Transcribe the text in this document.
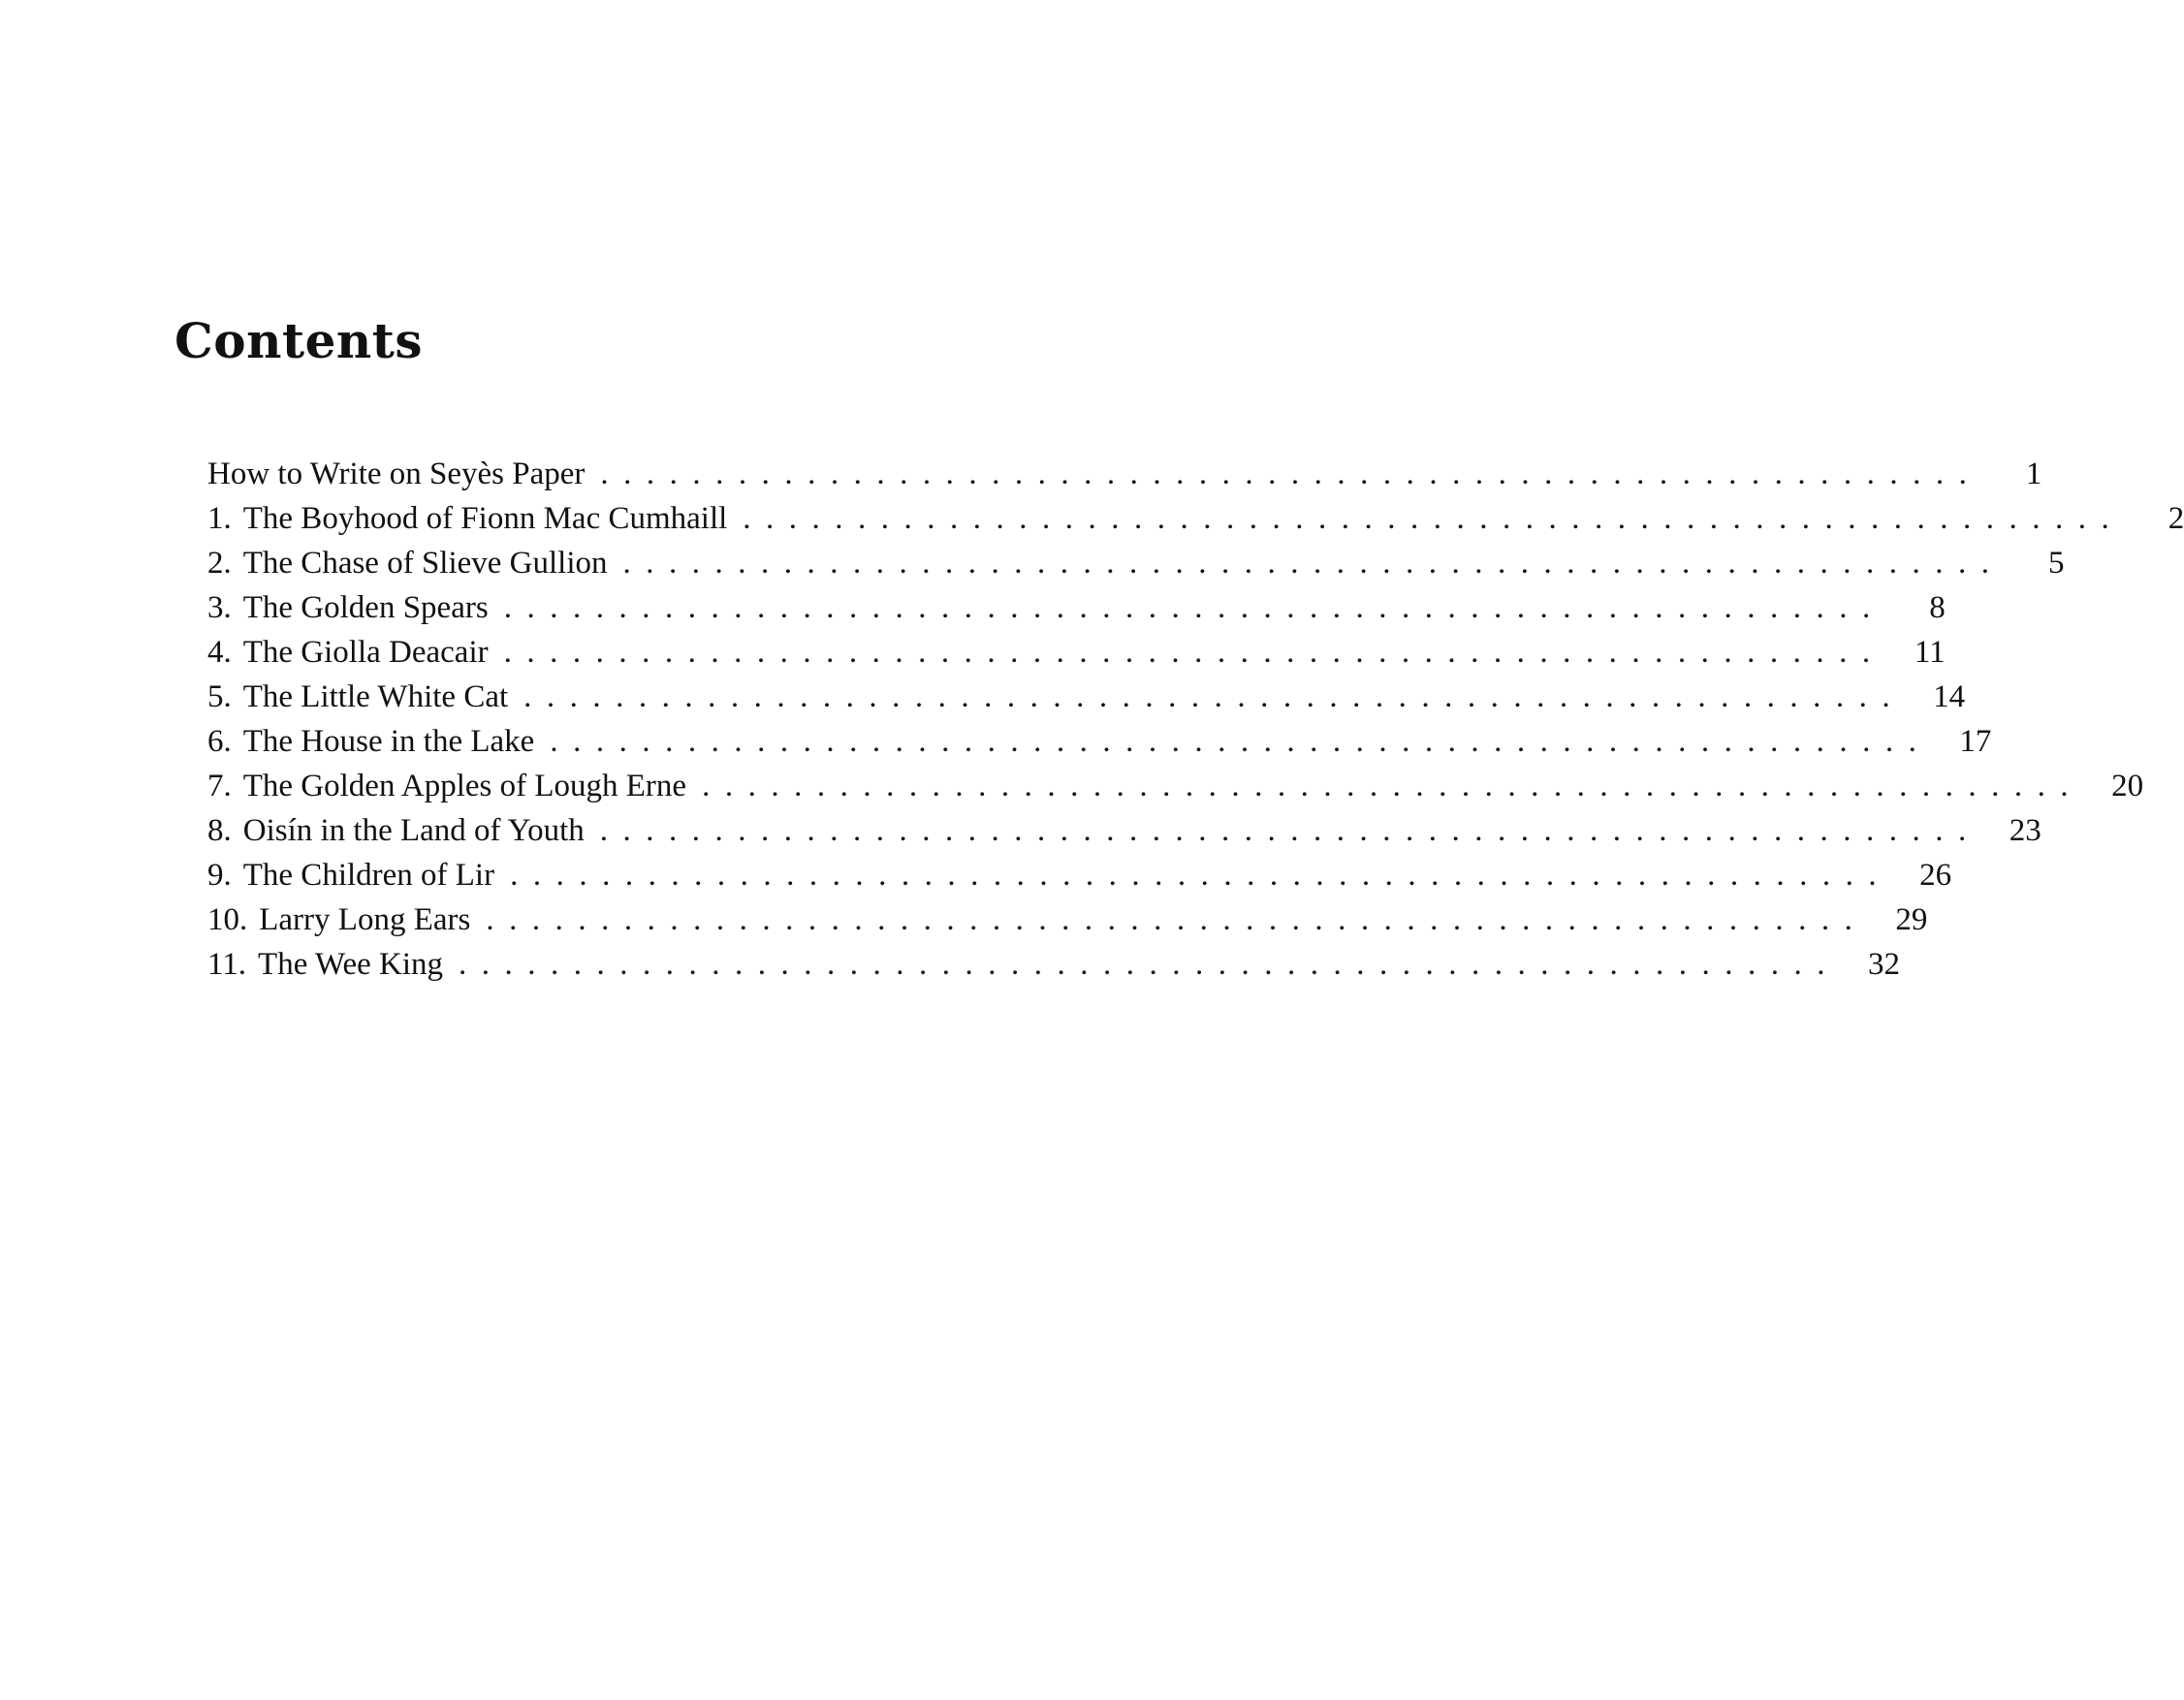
Contents
How to Write on Seyès Paper ............................................................	1
1. The Boyhood of Fionn Mac Cumhaill ............................................................	2
2. The Chase of Slieve Gullion ............................................................	5
3. The Golden Spears ............................................................	8
4. The Giolla Deacair ............................................................ 11
5. The Little White Cat ............................................................ 14
6. The House in the Lake ............................................................ 17
7. The Golden Apples of Lough Erne ............................................................ 20
8. Oisín in the Land of Youth ............................................................ 23
9. The Children of Lir ............................................................ 26
10. Larry Long Ears ............................................................ 29
11. The Wee King ............................................................ 32
